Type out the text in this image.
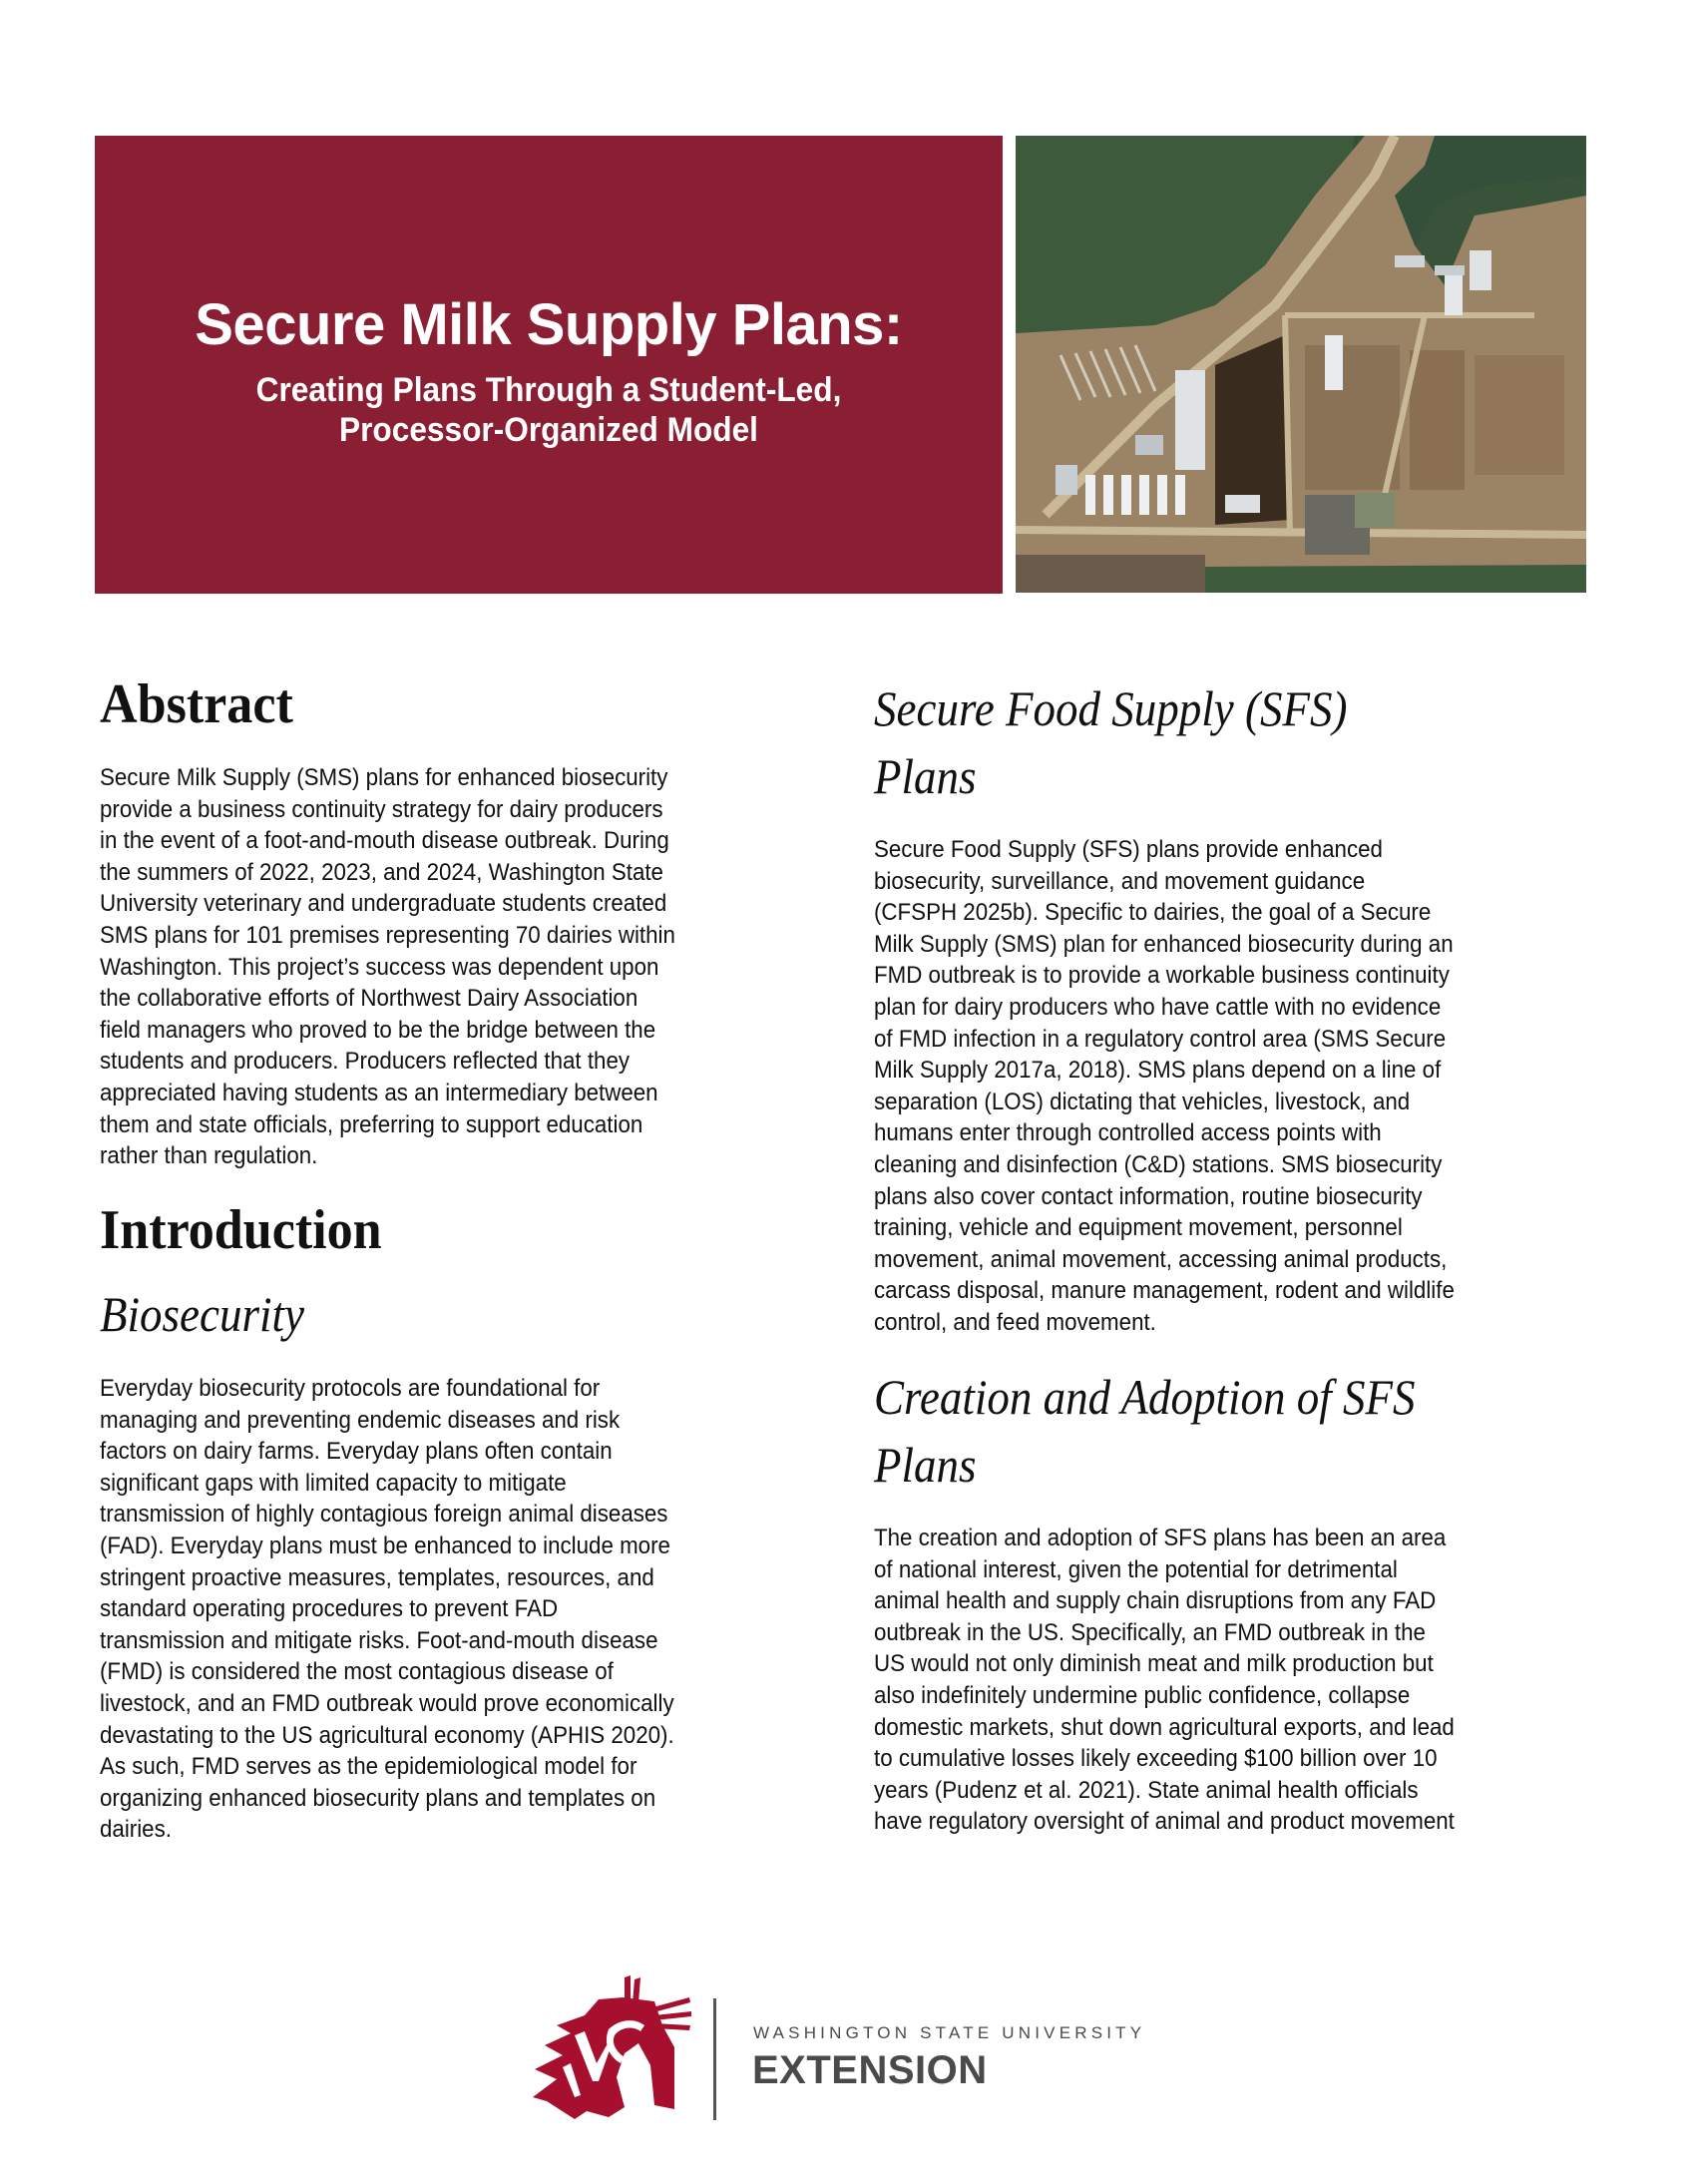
Secure Milk Supply Plans:
Creating Plans Through a Student-Led,
Processor-Organized Model
Abstract
Secure Milk Supply (SMS) plans for enhanced biosecurity
provide a business continuity strategy for dairy producers
in the event of a foot-and-mouth disease outbreak. During
the summers of 2022, 2023, and 2024, Washington State
University veterinary and undergraduate students created
SMS plans for 101 premises representing 70 dairies within
Washington. This project’s success was dependent upon
the collaborative efforts of Northwest Dairy Association
field managers who proved to be the bridge between the
students and producers. Producers reflected that they
appreciated having students as an intermediary between
them and state officials, preferring to support education
rather than regulation.
Introduction
Biosecurity
Everyday biosecurity protocols are foundational for
managing and preventing endemic diseases and risk
factors on dairy farms. Everyday plans often contain
significant gaps with limited capacity to mitigate
transmission of highly contagious foreign animal diseases
(FAD). Everyday plans must be enhanced to include more
stringent proactive measures, templates, resources, and
standard operating procedures to prevent FAD
transmission and mitigate risks. Foot-and-mouth disease
(FMD) is considered the most contagious disease of
livestock, and an FMD outbreak would prove economically
devastating to the US agricultural economy (APHIS 2020).
As such, FMD serves as the epidemiological model for
organizing enhanced biosecurity plans and templates on
dairies.
Secure Food Supply (SFS)
Plans
Secure Food Supply (SFS) plans provide enhanced
biosecurity, surveillance, and movement guidance
(CFSPH 2025b). Specific to dairies, the goal of a Secure
Milk Supply (SMS) plan for enhanced biosecurity during an
FMD outbreak is to provide a workable business continuity
plan for dairy producers who have cattle with no evidence
of FMD infection in a regulatory control area (SMS Secure
Milk Supply 2017a, 2018). SMS plans depend on a line of
separation (LOS) dictating that vehicles, livestock, and
humans enter through controlled access points with
cleaning and disinfection (C&D) stations. SMS biosecurity
plans also cover contact information, routine biosecurity
training, vehicle and equipment movement, personnel
movement, animal movement, accessing animal products,
carcass disposal, manure management, rodent and wildlife
control, and feed movement.
Creation and Adoption of SFS
Plans
The creation and adoption of SFS plans has been an area
of national interest, given the potential for detrimental
animal health and supply chain disruptions from any FAD
outbreak in the US. Specifically, an FMD outbreak in the
US would not only diminish meat and milk production but
also indefinitely undermine public confidence, collapse
domestic markets, shut down agricultural exports, and lead
to cumulative losses likely exceeding $100 billion over 10
years (Pudenz et al. 2021). State animal health officials
have regulatory oversight of animal and product movement
WASHINGTON STATE UNIVERSITY
EXTENSION
